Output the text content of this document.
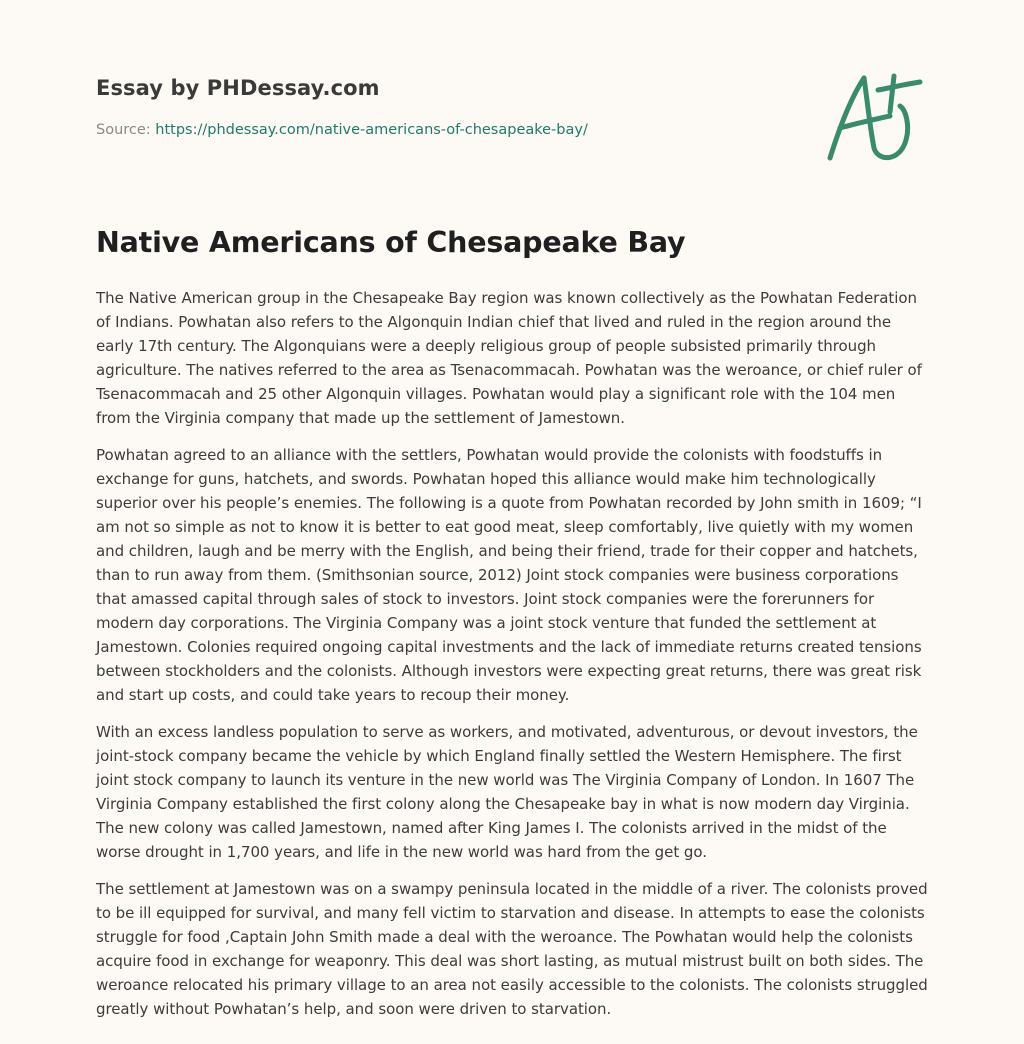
Essay by PHDessay.com
Source: https://phdessay.com/native-americans-of-chesapeake-bay/
Native Americans of Chesapeake Bay

The Native American group in the Chesapeake Bay region was known collectively as the Powhatan Federation of Indians. Powhatan also refers to the Algonquin Indian chief that lived and ruled in the region around the early 17th century. The Algonquians were a deeply religious group of people subsisted primarily through agriculture. The natives referred to the area as Tsenacommacah. Powhatan was the weroance, or chief ruler of Tsenacommacah and 25 other Algonquin villages. Powhatan would play a significant role with the 104 men from the Virginia company that made up the settlement of Jamestown.

Powhatan agreed to an alliance with the settlers, Powhatan would provide the colonists with foodstuffs in exchange for guns, hatchets, and swords. Powhatan hoped this alliance would make him technologically superior over his people’s enemies. The following is a quote from Powhatan recorded by John smith in 1609; “I am not so simple as not to know it is better to eat good meat, sleep comfortably, live quietly with my women and children, laugh and be merry with the English, and being their friend, trade for their copper and hatchets, than to run away from them. (Smithsonian source, 2012) Joint stock companies were business corporations that amassed capital through sales of stock to investors. Joint stock companies were the forerunners for modern day corporations. The Virginia Company was a joint stock venture that funded the settlement at Jamestown. Colonies required ongoing capital investments and the lack of immediate returns created tensions between stockholders and the colonists. Although investors were expecting great returns, there was great risk and start up costs, and could take years to recoup their money.

With an excess landless population to serve as workers, and motivated, adventurous, or devout investors, the joint-stock company became the vehicle by which England finally settled the Western Hemisphere. The first joint stock company to launch its venture in the new world was The Virginia Company of London. In 1607 The Virginia Company established the first colony along the Chesapeake bay in what is now modern day Virginia. The new colony was called Jamestown, named after King James I. The colonists arrived in the midst of the worse drought in 1,700 years, and life in the new world was hard from the get go.

The settlement at Jamestown was on a swampy peninsula located in the middle of a river. The colonists proved to be ill equipped for survival, and many fell victim to starvation and disease. In attempts to ease the colonists struggle for food ,Captain John Smith made a deal with the weroance. The Powhatan would help the colonists acquire food in exchange for weaponry. This deal was short lasting, as mutual mistrust built on both sides. The weroance relocated his primary village to an area not easily accessible to the colonists. The colonists struggled greatly without Powhatan’s help, and soon were driven to starvation.
